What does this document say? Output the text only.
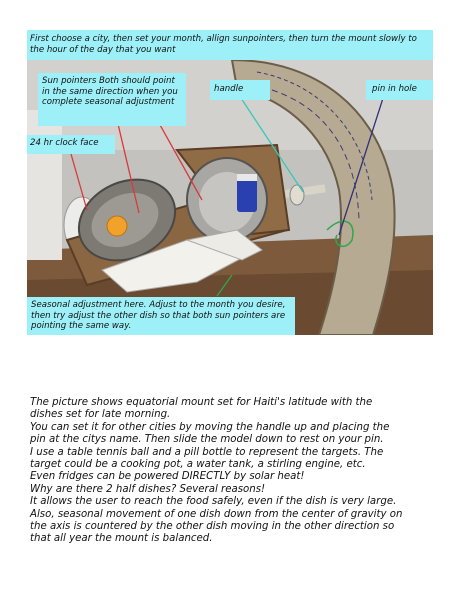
First choose a city, then set your month, allign sunpointers, then turn the mount slowly to the hour of the day that you want
Sun pointers Both should point in the same direction when you complete seasonal adjustment
handle	pin in hole
24 hr clock face
Seasonal adjustment here. Adjust to the month you desire, then try adjust the other dish so that both sun pointers are pointing the same way.

The picture shows equatorial mount set for Haiti's latitude with the

dishes set for late morning.

You can set it for other cities by moving the handle up and placing the

pin at the citys name. Then slide the model down to rest on your pin.

I use a table tennis ball and a pill bottle to represent the targets. The

target could be a cooking pot, a water tank, a stirling engine, etc.

Even fridges can be powered DIRECTLY by solar heat!

Why are there 2 half dishes? Several reasons!

It allows the user to reach the food safely, even if the dish is very large.

Also, seasonal movement of one dish down from the center of gravity on

the axis is countered by the other dish moving in the other direction so

that all year the mount is balanced.
